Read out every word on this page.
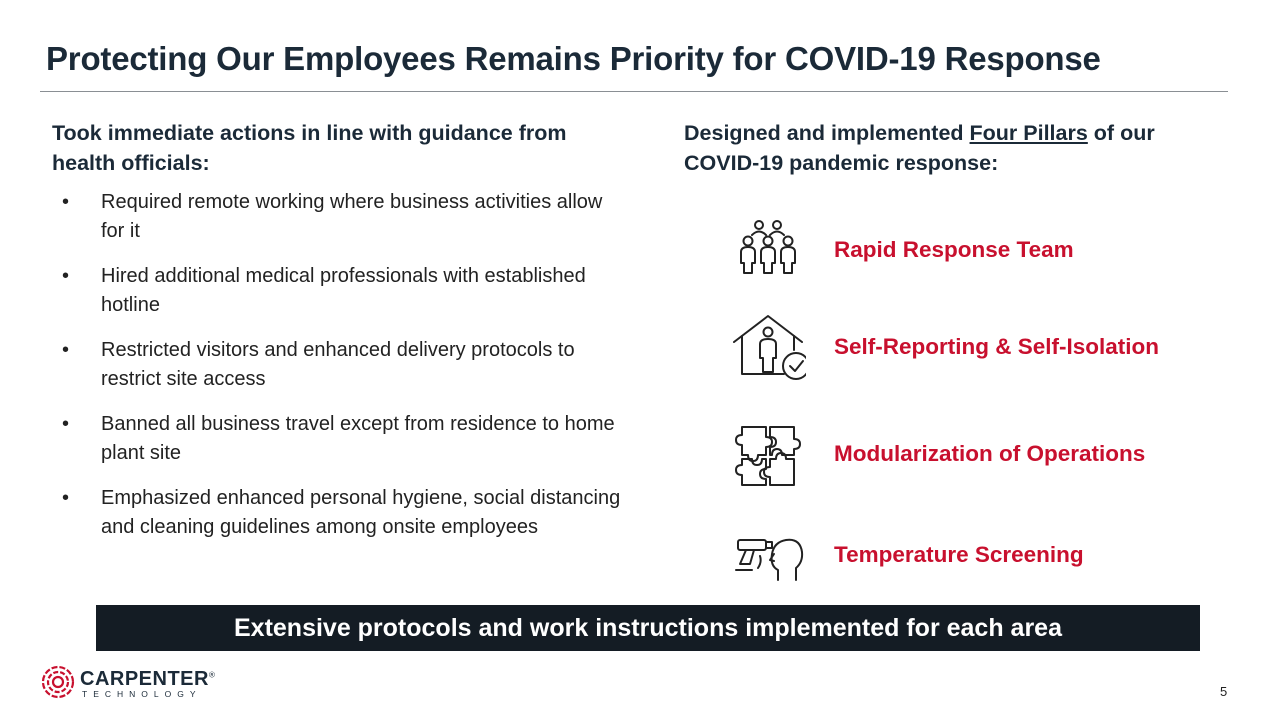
Protecting Our Employees Remains Priority for COVID-19 Response
Took immediate actions in line with guidance from health officials:
• Required remote working where business activities allow for it
• Hired additional medical professionals with established hotline
• Restricted visitors and enhanced delivery protocols to restrict site access
• Banned all business travel except from residence to home plant site
• Emphasized enhanced personal hygiene, social distancing and cleaning guidelines among onsite employees
Designed and implemented Four Pillars of our COVID-19 pandemic response:
Rapid Response Team
Self-Reporting & Self-Isolation
Modularization of Operations
Temperature Screening
Extensive protocols and work instructions implemented for each area
CARPENTER®
TECHNOLOGY	5
